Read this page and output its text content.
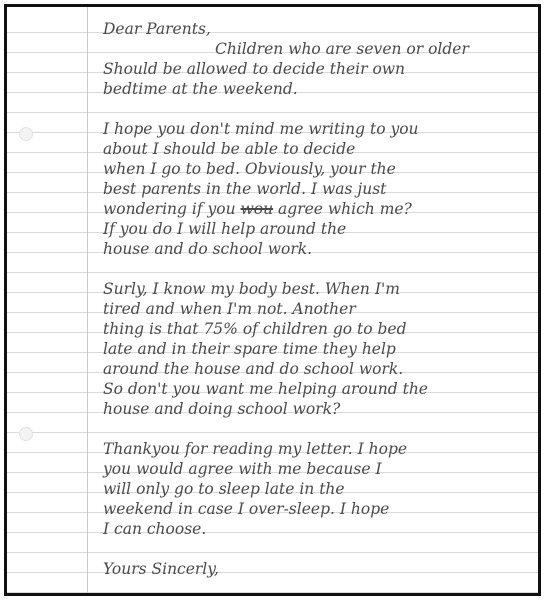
Dear Parents,
Children who are seven or older
Should be allowed to decide their own
bedtime at the weekend.
I hope you don't mind me writing to you
about I should be able to decide
when I go to bed. Obviously, your the
best parents in the world. I was just
wondering if you wou agree which me?
If you do I will help around the
house and do school work.
Surly, I know my body best. When I'm
tired and when I'm not. Another
thing is that 75% of children go to bed
late and in their spare time they help
around the house and do school work.
So don't you want me helping around the
house and doing school work?
Thankyou for reading my letter. I hope
you would agree with me because I
will only go to sleep late in the
weekend in case I over-sleep. I hope
I can choose.
Yours Sincerly,
